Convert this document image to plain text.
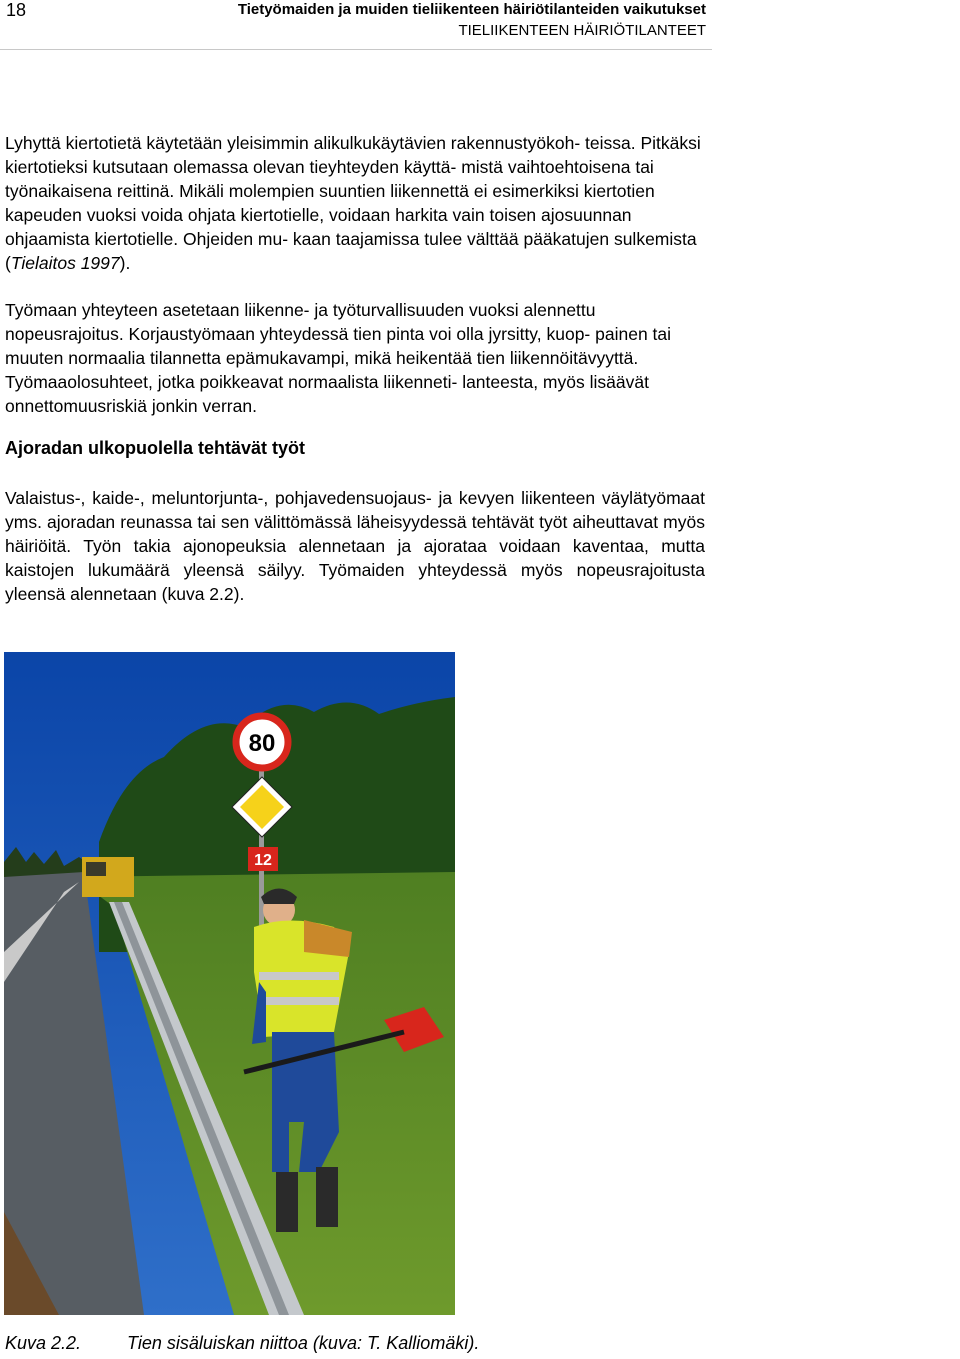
18	Tietyömaiden ja muiden tieliikenteen häiriötilanteiden vaikutukset
TIELIIKENTEEN HÄIRIÖTILANTEET
Lyhyttä kiertotietä käytetään yleisimmin alikulkukäytävien rakennustyökoh- teissa. Pitkäksi kiertotieksi kutsutaan olemassa olevan tieyhteyden käyttä- mistä vaihtoehtoisena tai työnaikaisena reittinä. Mikäli molempien suuntien liikennettä ei esimerkiksi kiertotien kapeuden vuoksi voida ohjata kiertotielle, voidaan harkita vain toisen ajosuunnan ohjaamista kiertotielle. Ohjeiden mu- kaan taajamissa tulee välttää pääkatujen sulkemista (Tielaitos 1997).
Työmaan yhteyteen asetetaan liikenne- ja työturvallisuuden vuoksi alennettu nopeusrajoitus. Korjaustyömaan yhteydessä tien pinta voi olla jyrsitty, kuop- painen tai muuten normaalia tilannetta epämukavampi, mikä heikentää tien liikennöitävyyttä. Työmaaolosuhteet, jotka poikkeavat normaalista liikenneti- lanteesta, myös lisäävät onnettomuusriskiä jonkin verran.
Ajoradan ulkopuolella tehtävät työt
Valaistus-, kaide-, meluntorjunta-, pohjavedensuojaus- ja kevyen liikenteen väylätyömaat yms. ajoradan reunassa tai sen välittömässä läheisyydessä tehtävät työt aiheuttavat myös häiriöitä. Työn takia ajonopeuksia alennetaan ja ajorataa voidaan kaventaa, mutta kaistojen lukumäärä yleensä säilyy. Työmaiden yhteydessä myös nopeusrajoitusta yleensä alennetaan (kuva 2.2).
80
12
Kuva 2.2.	Tien sisäluiskan niittoa (kuva: T. Kalliomäki).
